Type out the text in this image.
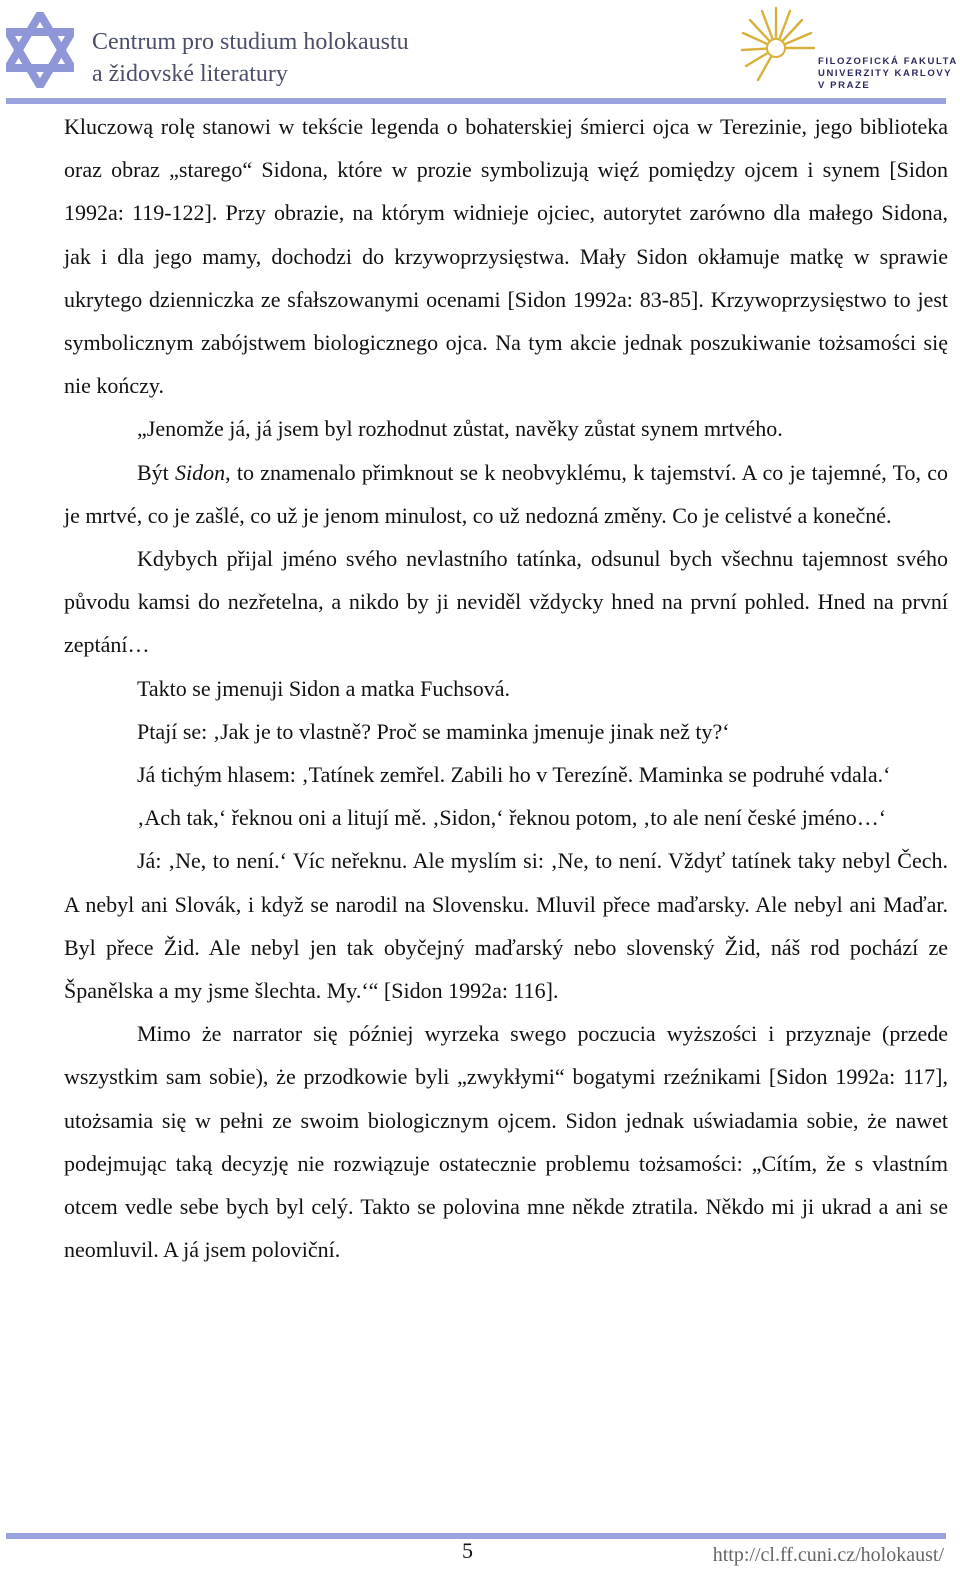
Centrum pro studium holokaustu
a židovské literatury	FILOZOFICKÁ FAKULTA
UNIVERZITY KARLOVY
V PRAZE

Kluczową rolę stanowi w tekście legenda o bohaterskiej śmierci ojca w Terezinie, jego biblioteka oraz obraz „starego“ Sidona, które w prozie symbolizują więź pomiędzy ojcem i synem [Sidon 1992a: 119-122]. Przy obrazie, na którym widnieje ojciec, autorytet zarówno dla małego Sidona, jak i dla jego mamy, dochodzi do krzywoprzysięstwa. Mały Sidon okłamuje matkę w sprawie ukrytego dzienniczka ze sfałszowanymi ocenami [Sidon 1992a: 83-85]. Krzywoprzysięstwo to jest symbolicznym zabójstwem biologicznego ojca. Na tym akcie jednak poszukiwanie tożsamości się nie kończy.

„Jenomže já, já jsem byl rozhodnut zůstat, navěky zůstat synem mrtvého.

Být Sidon, to znamenalo přimknout se k neobvyklému, k tajemství. A co je tajemné, To, co je mrtvé, co je zašlé, co už je jenom minulost, co už nedozná změny. Co je celistvé a konečné.

Kdybych přijal jméno svého nevlastního tatínka, odsunul bych všechnu tajemnost svého původu kamsi do nezřetelna, a nikdo by ji neviděl vždycky hned na první pohled. Hned na první zeptání…

Takto se jmenuji Sidon a matka Fuchsová.

Ptají se: ‚Jak je to vlastně? Proč se maminka jmenuje jinak než ty?‘

Já tichým hlasem: ‚Tatínek zemřel. Zabili ho v Terezíně. Maminka se podruhé vdala.‘

‚Ach tak,‘ řeknou oni a litují mě. ‚Sidon,‘ řeknou potom, ‚to ale není české jméno…‘

Já: ‚Ne, to není.‘ Víc neřeknu. Ale myslím si: ‚Ne, to není. Vždyť tatínek taky nebyl Čech. A nebyl ani Slovák, i když se narodil na Slovensku. Mluvil přece maďarsky. Ale nebyl ani Maďar. Byl přece Žid. Ale nebyl jen tak obyčejný maďarský nebo slovenský Žid, náš rod pochází ze Španělska a my jsme šlechta. My.‘“ [Sidon 1992a: 116].

Mimo że narrator się później wyrzeka swego poczucia wyższości i przyznaje (przede wszystkim sam sobie), że przodkowie byli „zwykłymi“ bogatymi rzeźnikami [Sidon 1992a: 117], utożsamia się w pełni ze swoim biologicznym ojcem. Sidon jednak uświadamia sobie, że nawet podejmując taką decyzję nie rozwiązuje ostatecznie problemu tożsamości: „Cítím, že s vlastním otcem vedle sebe bych byl celý. Takto se polovina mne někde ztratila. Někdo mi ji ukrad a ani se neomluvil. A já jsem poloviční.

5	http://cl.ff.cuni.cz/holokaust/
